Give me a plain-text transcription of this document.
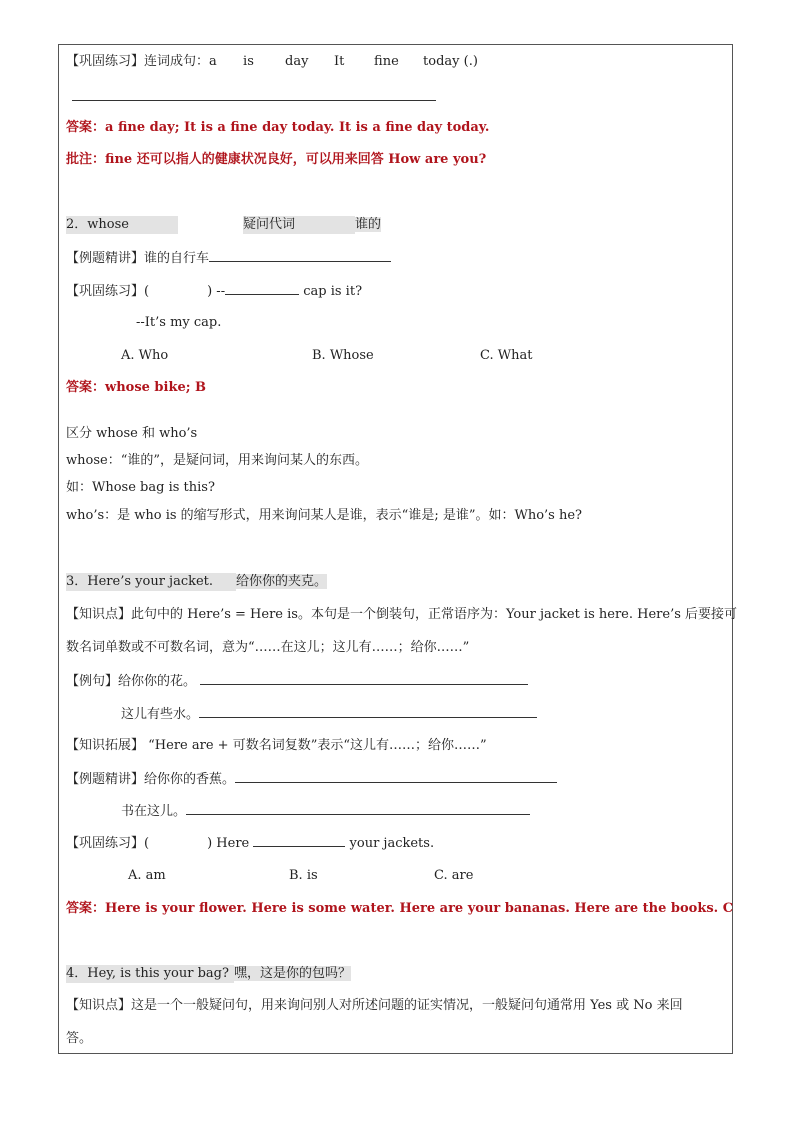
【巩固练习】连词成句：a is day It fine today (.)
答案：a fine day; It is a fine day today. It is a fine day today.
批注：fine 还可以指人的健康状况良好，可以用来回答 How are you?
2．whose	疑问代词	谁的
【例题精讲】谁的自行车
【巩固练习】(	) --	cap is it?
--It’s my cap.
A. Who	B. Whose	C. What
答案：whose bike; B
区分 whose 和 who’s
whose：“谁的”，是疑问词，用来询问某人的东西。
如：Whose bag is this?
who’s：是 who is 的缩写形式，用来询问某人是谁，表示“谁是; 是谁”。如：Who’s he?
3．Here’s your jacket. 给你你的夹克。
【知识点】此句中的 Here’s = Here is。本句是一个倒装句，正常语序为：Your jacket is here. Here’s 后要接可
数名词单数或不可数名词，意为“……在这儿；这儿有……；给你……”
【例句】给你你的花。
这儿有些水。
【知识拓展】 “Here are + 可数名词复数”表示“这儿有……；给你……”
【例题精讲】给你你的香蕉。
书在这儿。
【巩固练习】(	) Here	your jackets.
A. am	B. is	C. are
答案：Here is your flower. Here is some water. Here are your bananas. Here are the books. C
4．Hey, is this your bag? 嘿，这是你的包吗？
【知识点】这是一个一般疑问句，用来询问别人对所述问题的证实情况，一般疑问句通常用 Yes 或 No 来回
答。
